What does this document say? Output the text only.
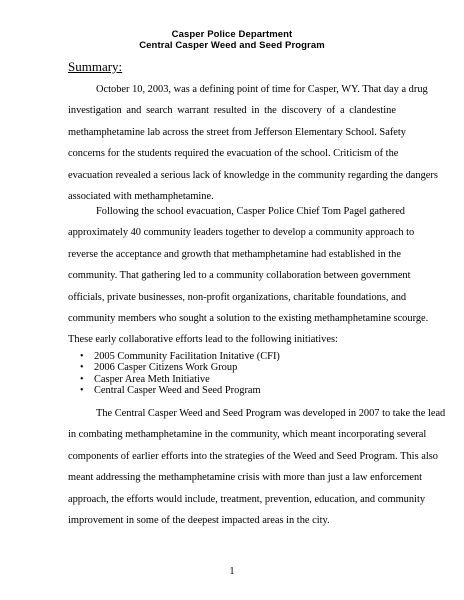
Casper Police Department
Central Casper Weed and Seed Program
Summary:
October 10, 2003, was a defining point of time for Casper, WY. That day a drug
investigation and search warrant resulted in the discovery of a clandestine
methamphetamine lab across the street from Jefferson Elementary School. Safety
concerns for the students required the evacuation of the school. Criticism of the
evacuation revealed a serious lack of knowledge in the community regarding the dangers
associated with methamphetamine.
Following the school evacuation, Casper Police Chief Tom Pagel gathered
approximately 40 community leaders together to develop a community approach to
reverse the acceptance and growth that methamphetamine had established in the
community. That gathering led to a community collaboration between government
officials, private businesses, non-profit organizations, charitable foundations, and
community members who sought a solution to the existing methamphetamine scourge.
These early collaborative efforts lead to the following initiatives:
• 2005 Community Facilitation Initative (CFI)
• 2006 Casper Citizens Work Group
• Casper Area Meth Initiative
• Central Casper Weed and Seed Program
The Central Casper Weed and Seed Program was developed in 2007 to take the lead
in combating methamphetamine in the community, which meant incorporating several
components of earlier efforts into the strategies of the Weed and Seed Program. This also
meant addressing the methamphetamine crisis with more than just a law enforcement
approach, the efforts would include, treatment, prevention, education, and community
improvement in some of the deepest impacted areas in the city.
1
